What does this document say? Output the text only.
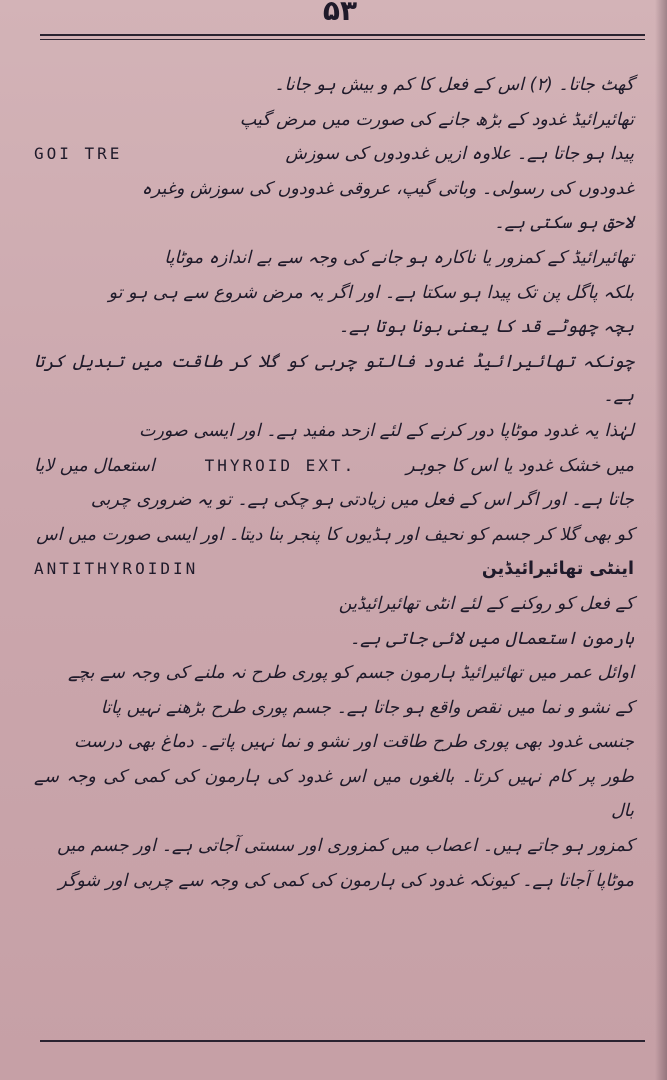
۵۳

گھٹ جاتا۔ (۲) اس کے فعل کا کم و بیش ہو جانا۔

تھائیرائیڈ غدود کے بڑھ جانے کی صورت میں مرض گیپ

پیدا ہو جاتا ہے۔ علاوہ ازیں غدودوں کی سوزش
GOI TRE

غدودوں کی رسولی۔ وباتی گیپ، عروقی غدودوں کی سوزش وغیرہ

لاحق ہو سکتی ہے۔

تھائیرائیڈ کے کمزور یا ناکارہ ہو جانے کی وجہ سے بے اندازہ موٹاپا

بلکہ پاگل پن تک پیدا ہو سکتا ہے۔ اور اگر یہ مرض شروع سے ہی ہو تو

بچہ چھوٹے قد کا یعنی بونا ہوتا ہے۔

چونکہ تھائیرائیڈ غدود فالتو چربی کو گلا کر طاقت میں تبدیل کرتا ہے۔

لہٰذا یہ غدود موٹاپا دور کرنے کے لئے ازحد مفید ہے۔ اور ایسی صورت

میں خشک غدود یا اس کا جوہر
THYROID EXT.
استعمال میں لایا

جاتا ہے۔ اور اگر اس کے فعل میں زیادتی ہو چکی ہے۔ تو یہ ضروری چربی

کو بھی گلا کر جسم کو نحیف اور ہڈیوں کا پنجر بنا دیتا۔ اور ایسی صورت میں اس

اینٹی تھائیرائیڈین
ANTITHYROIDIN

کے فعل کو روکنے کے لئے انٹی تھائیرائیڈین

ہارمون استعمال میں لائی جاتی ہے۔

اوائل عمر میں تھائیرائیڈ ہارمون جسم کو پوری طرح نہ ملنے کی وجہ سے بچے

کے نشو و نما میں نقص واقع ہو جاتا ہے۔ جسم پوری طرح بڑھنے نہیں پاتا

جنسی غدود بھی پوری طرح طاقت اور نشو و نما نہیں پاتے۔ دماغ بھی درست

طور پر کام نہیں کرتا۔ بالغوں میں اس غدود کی ہارمون کی کمی کی وجہ سے بال

کمزور ہو جاتے ہیں۔ اعصاب میں کمزوری اور سستی آجاتی ہے۔ اور جسم میں

موٹاپا آجاتا ہے۔ کیونکہ غدود کی ہارمون کی کمی کی وجہ سے چربی اور شوگر
